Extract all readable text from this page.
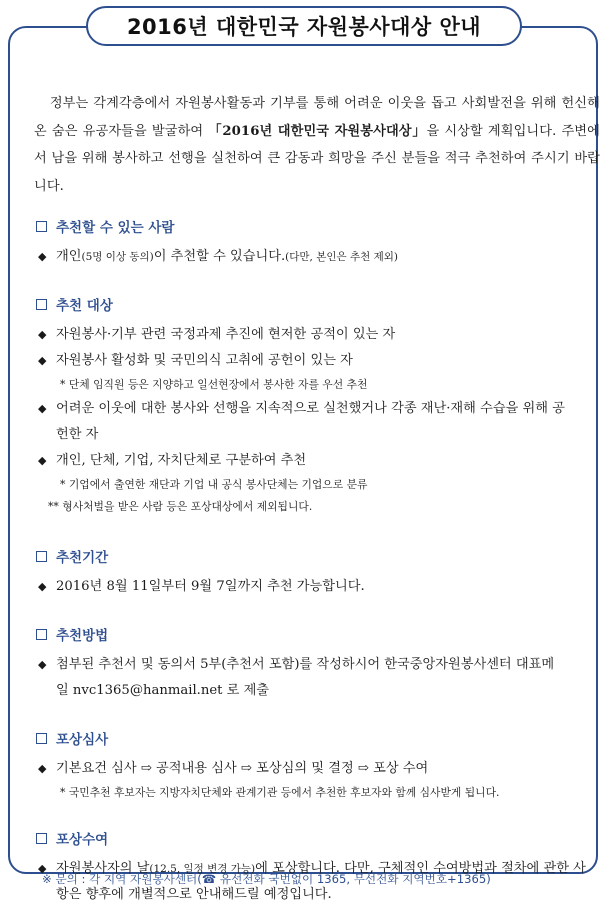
2016년 대한민국 자원봉사대상 안내

정부는 각계각층에서 자원봉사활동과 기부를 통해 어려운 이웃을 돕고 사회발전을 위해 헌신해 온 숨은 유공자들을 발굴하여 「2016년 대한민국 자원봉사대상」을 시상할 계획입니다. 주변에서 남을 위해 봉사하고 선행을 실천하여 큰 감동과 희망을 주신 분들을 적극 추천하여 주시기 바랍니다.

추천할 수 있는 사람
◆ 개인(5명 이상 동의)이 추천할 수 있습니다.(다만, 본인은 추천 제외)
추천 대상
◆ 자원봉사·기부 관련 국정과제 추진에 현저한 공적이 있는 자
◆ 자원봉사 활성화 및 국민의식 고취에 공헌이 있는 자
* 단체 임직원 등은 지양하고 일선현장에서 봉사한 자를 우선 추천
◆ 어려운 이웃에 대한 봉사와 선행을 지속적으로 실천했거나 각종 재난·재해 수습을 위해 공헌한 자
◆ 개인, 단체, 기업, 자치단체로 구분하여 추천
* 기업에서 출연한 재단과 기업 내 공식 봉사단체는 기업으로 분류
** 형사처벌을 받은 사람 등은 포상대상에서 제외됩니다.
추천기간
◆ 2016년 8월 11일부터 9월 7일까지 추천 가능합니다.
추천방법
◆ 첨부된 추천서 및 동의서 5부(추천서 포함)를 작성하시어 한국중앙자원봉사센터 대표메일 nvc1365@hanmail.net 로 제출
포상심사
◆ 기본요건 심사 ⇨ 공적내용 심사 ⇨ 포상심의 및 결정 ⇨ 포상 수여
* 국민추천 후보자는 지방자치단체와 관계기관 등에서 추천한 후보자와 함께 심사받게 됩니다.
포상수여
◆ 자원봉사자의 날(12.5, 일정 변경 가능)에 포상합니다. 다만, 구체적인 수여방법과 절차에 관한 사항은 향후에 개별적으로 안내해드릴 예정입니다.
※ 문의 : 각 지역 자원봉사센터(☎ 유선전화 국번없이 1365, 무선전화 지역번호+1365)
